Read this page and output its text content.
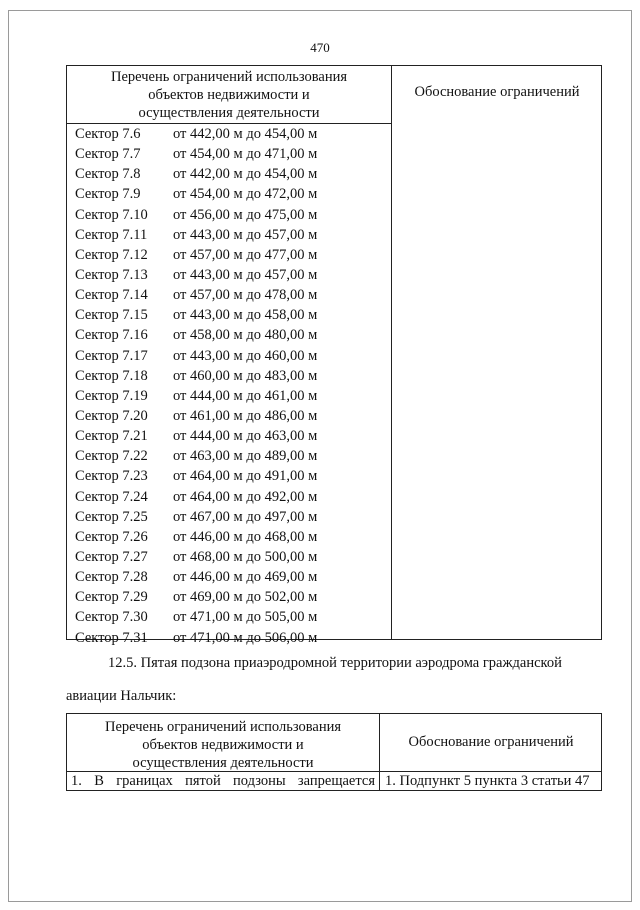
470
Перечень ограничений использования
объектов недвижимости и
осуществления деятельности
Обоснование ограничений
Сектор 7.6 от 442,00 м до 454,00 м
Сектор 7.7 от 454,00 м до 471,00 м
Сектор 7.8 от 442,00 м до 454,00 м
Сектор 7.9 от 454,00 м до 472,00 м
Сектор 7.10 от 456,00 м до 475,00 м
Сектор 7.11 от 443,00 м до 457,00 м
Сектор 7.12 от 457,00 м до 477,00 м
Сектор 7.13 от 443,00 м до 457,00 м
Сектор 7.14 от 457,00 м до 478,00 м
Сектор 7.15 от 443,00 м до 458,00 м
Сектор 7.16 от 458,00 м до 480,00 м
Сектор 7.17 от 443,00 м до 460,00 м
Сектор 7.18 от 460,00 м до 483,00 м
Сектор 7.19 от 444,00 м до 461,00 м
Сектор 7.20 от 461,00 м до 486,00 м
Сектор 7.21 от 444,00 м до 463,00 м
Сектор 7.22 от 463,00 м до 489,00 м
Сектор 7.23 от 464,00 м до 491,00 м
Сектор 7.24 от 464,00 м до 492,00 м
Сектор 7.25 от 467,00 м до 497,00 м
Сектор 7.26 от 446,00 м до 468,00 м
Сектор 7.27 от 468,00 м до 500,00 м
Сектор 7.28 от 446,00 м до 469,00 м
Сектор 7.29 от 469,00 м до 502,00 м
Сектор 7.30 от 471,00 м до 505,00 м
Сектор 7.31 от 471,00 м до 506,00 м
12.5. Пятая подзона приаэродромной территории аэродрома гражданской
авиации Нальчик:
Перечень ограничений использования
объектов недвижимости и
осуществления деятельности
Обоснование ограничений
1. В границах пятой подзоны запрещается 1. Подпункт 5 пункта 3 статьи 47
